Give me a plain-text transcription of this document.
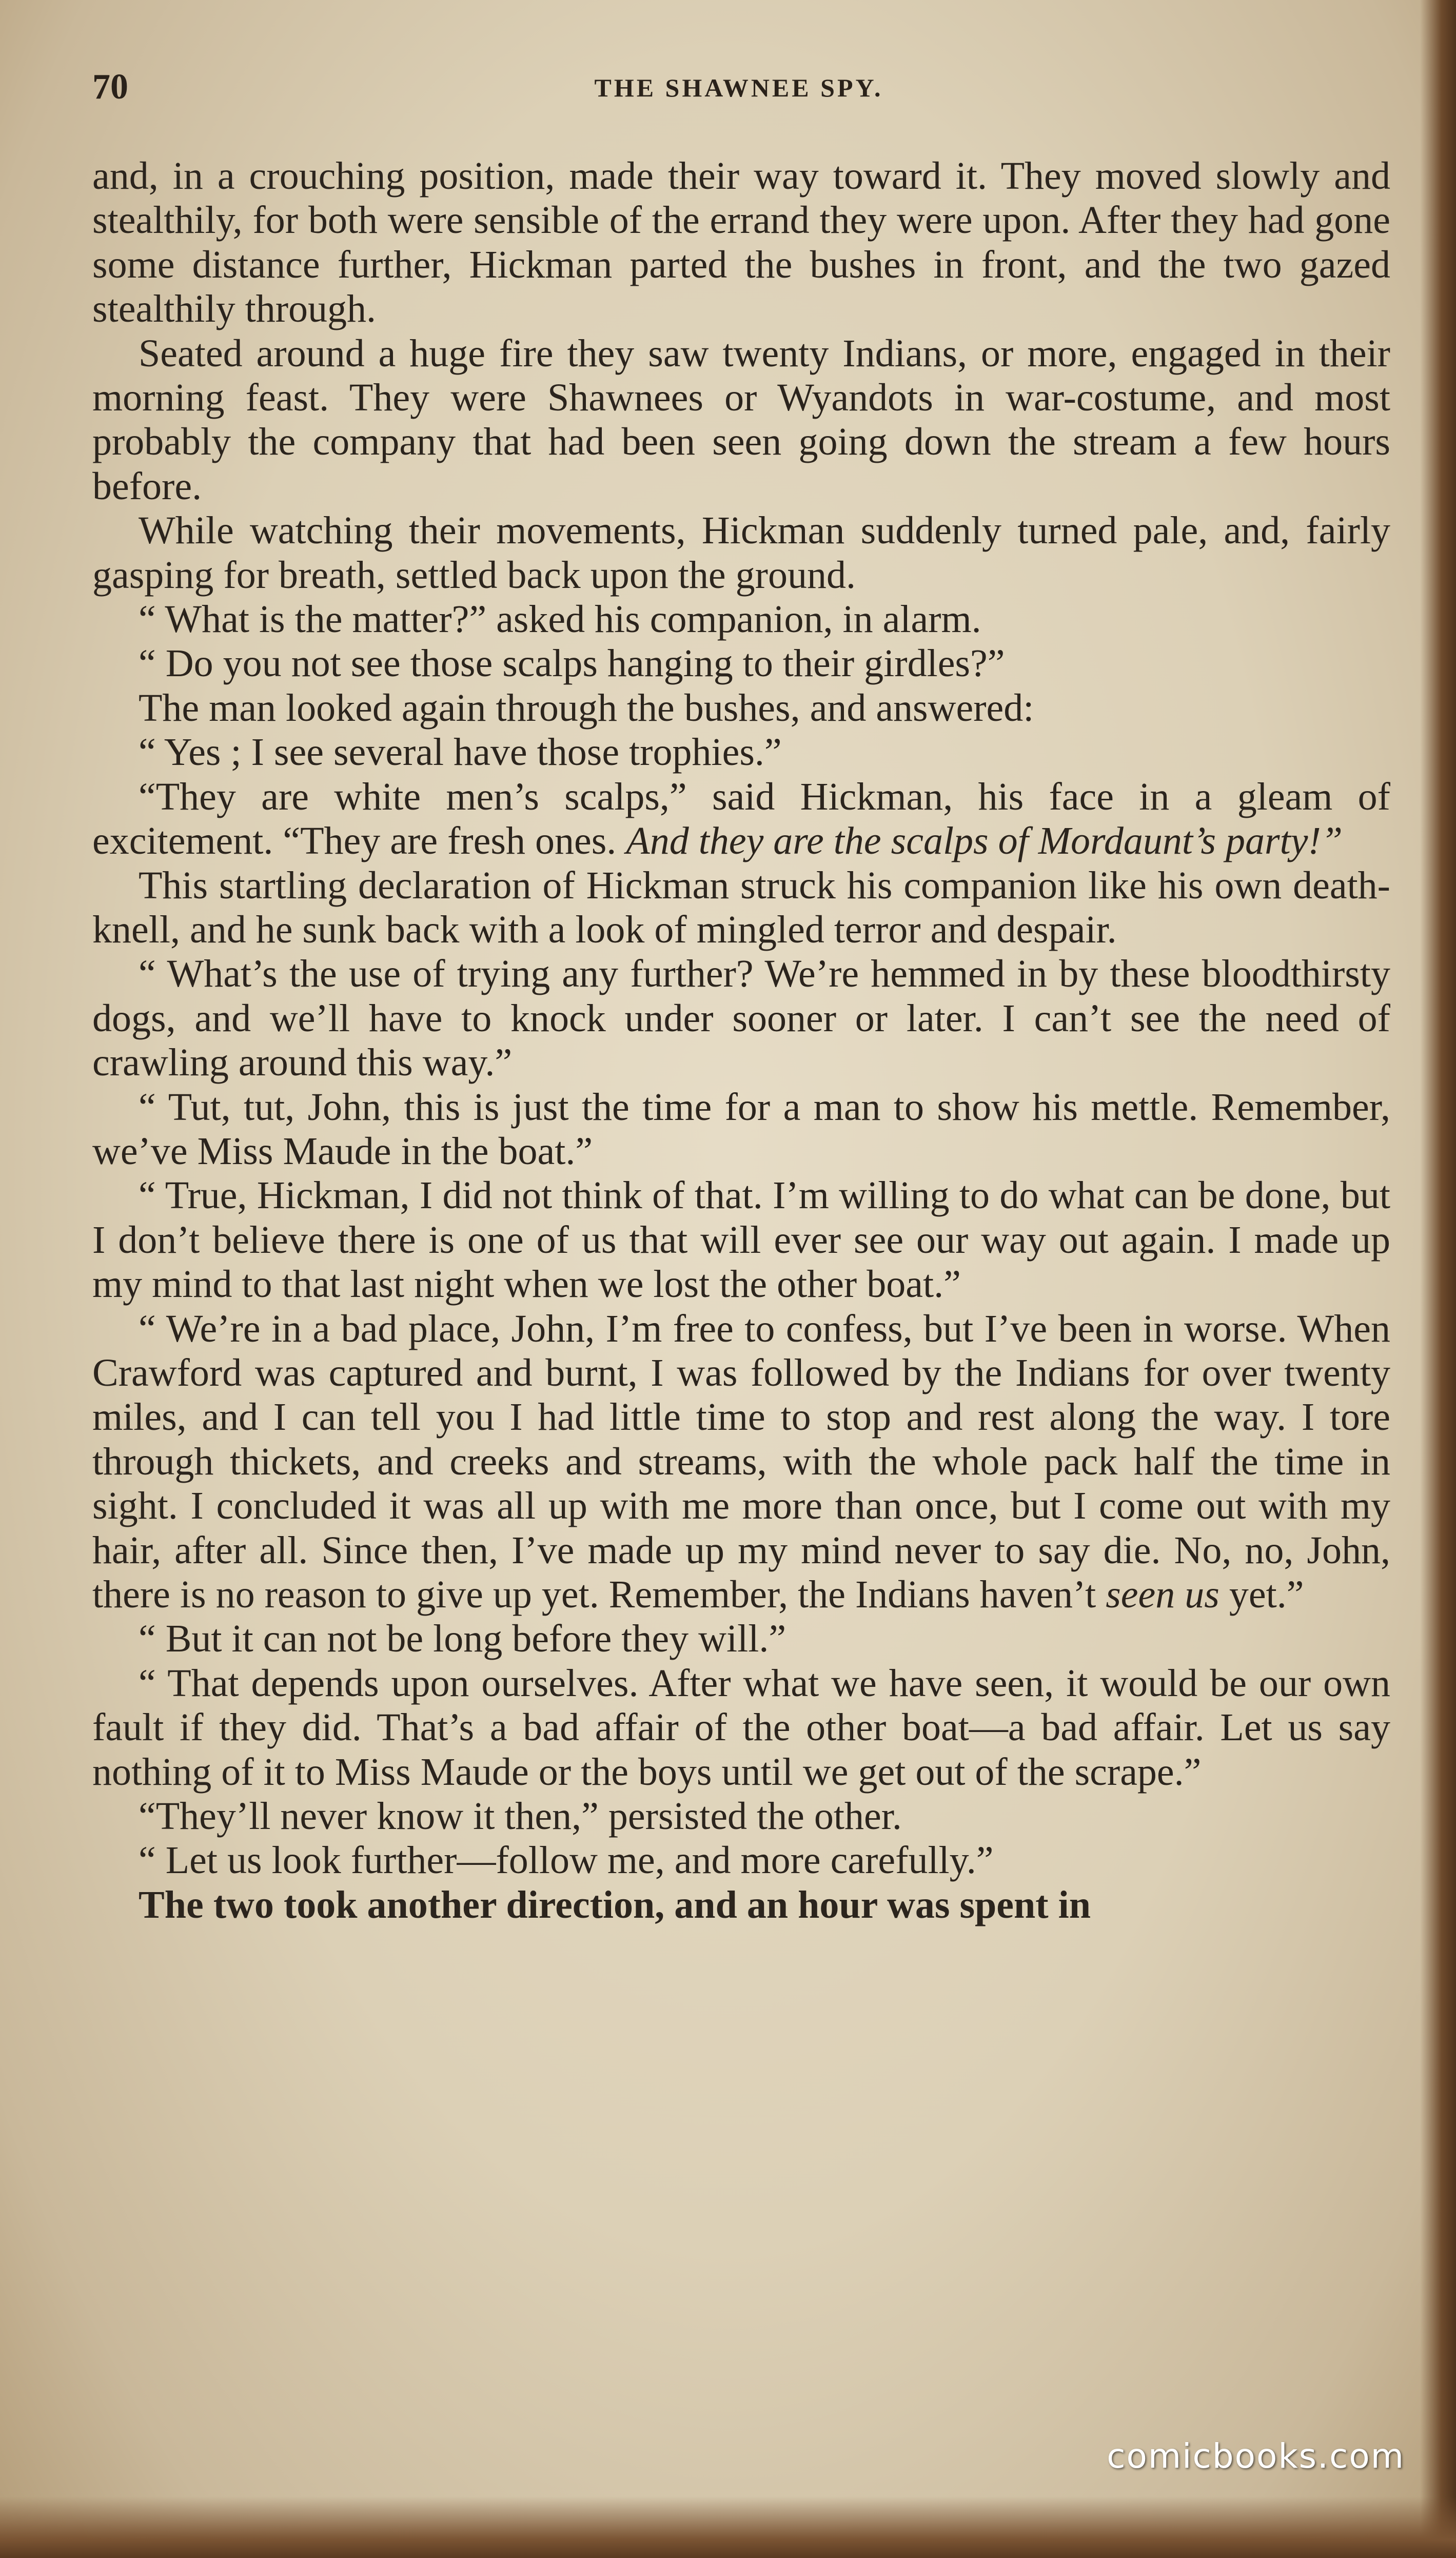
70	THE SHAWNEE SPY.

and, in a crouching position, made their way toward it. They moved slowly and stealthily, for both were sensible of the errand they were upon. After they had gone some distance further, Hickman parted the bushes in front, and the two gazed stealthily through.

Seated around a huge fire they saw twenty Indians, or more, engaged in their morning feast. They were Shawnees or Wyandots in war-costume, and most probably the company that had been seen going down the stream a few hours before.

While watching their movements, Hickman suddenly turned pale, and, fairly gasping for breath, settled back upon the ground.

“ What is the matter?” asked his companion, in alarm.

“ Do you not see those scalps hanging to their girdles?”

The man looked again through the bushes, and answered:

“ Yes ; I see several have those trophies.”

“They are white men’s scalps,” said Hickman, his face in a gleam of excitement. “They are fresh ones. And they are the scalps of Mordaunt’s party!”

This startling declaration of Hickman struck his companion like his own death-knell, and he sunk back with a look of mingled terror and despair.

“ What’s the use of trying any further? We’re hemmed in by these bloodthirsty dogs, and we’ll have to knock under sooner or later. I can’t see the need of crawling around this way.”

“ Tut, tut, John, this is just the time for a man to show his mettle. Remember, we’ve Miss Maude in the boat.”

“ True, Hickman, I did not think of that. I’m willing to do what can be done, but I don’t believe there is one of us that will ever see our way out again. I made up my mind to that last night when we lost the other boat.”

“ We’re in a bad place, John, I’m free to confess, but I’ve been in worse. When Crawford was captured and burnt, I was followed by the Indians for over twenty miles, and I can tell you I had little time to stop and rest along the way. I tore through thickets, and creeks and streams, with the whole pack half the time in sight. I concluded it was all up with me more than once, but I come out with my hair, after all. Since then, I’ve made up my mind never to say die. No, no, John, there is no reason to give up yet. Remember, the Indians haven’t seen us yet.”

“ But it can not be long before they will.”

“ That depends upon ourselves. After what we have seen, it would be our own fault if they did. That’s a bad affair of the other boat—a bad affair. Let us say nothing of it to Miss Maude or the boys until we get out of the scrape.”

“They’ll never know it then,” persisted the other.

“ Let us look further—follow me, and more carefully.”

The two took another direction, and an hour was spent in

comicbooks.com
